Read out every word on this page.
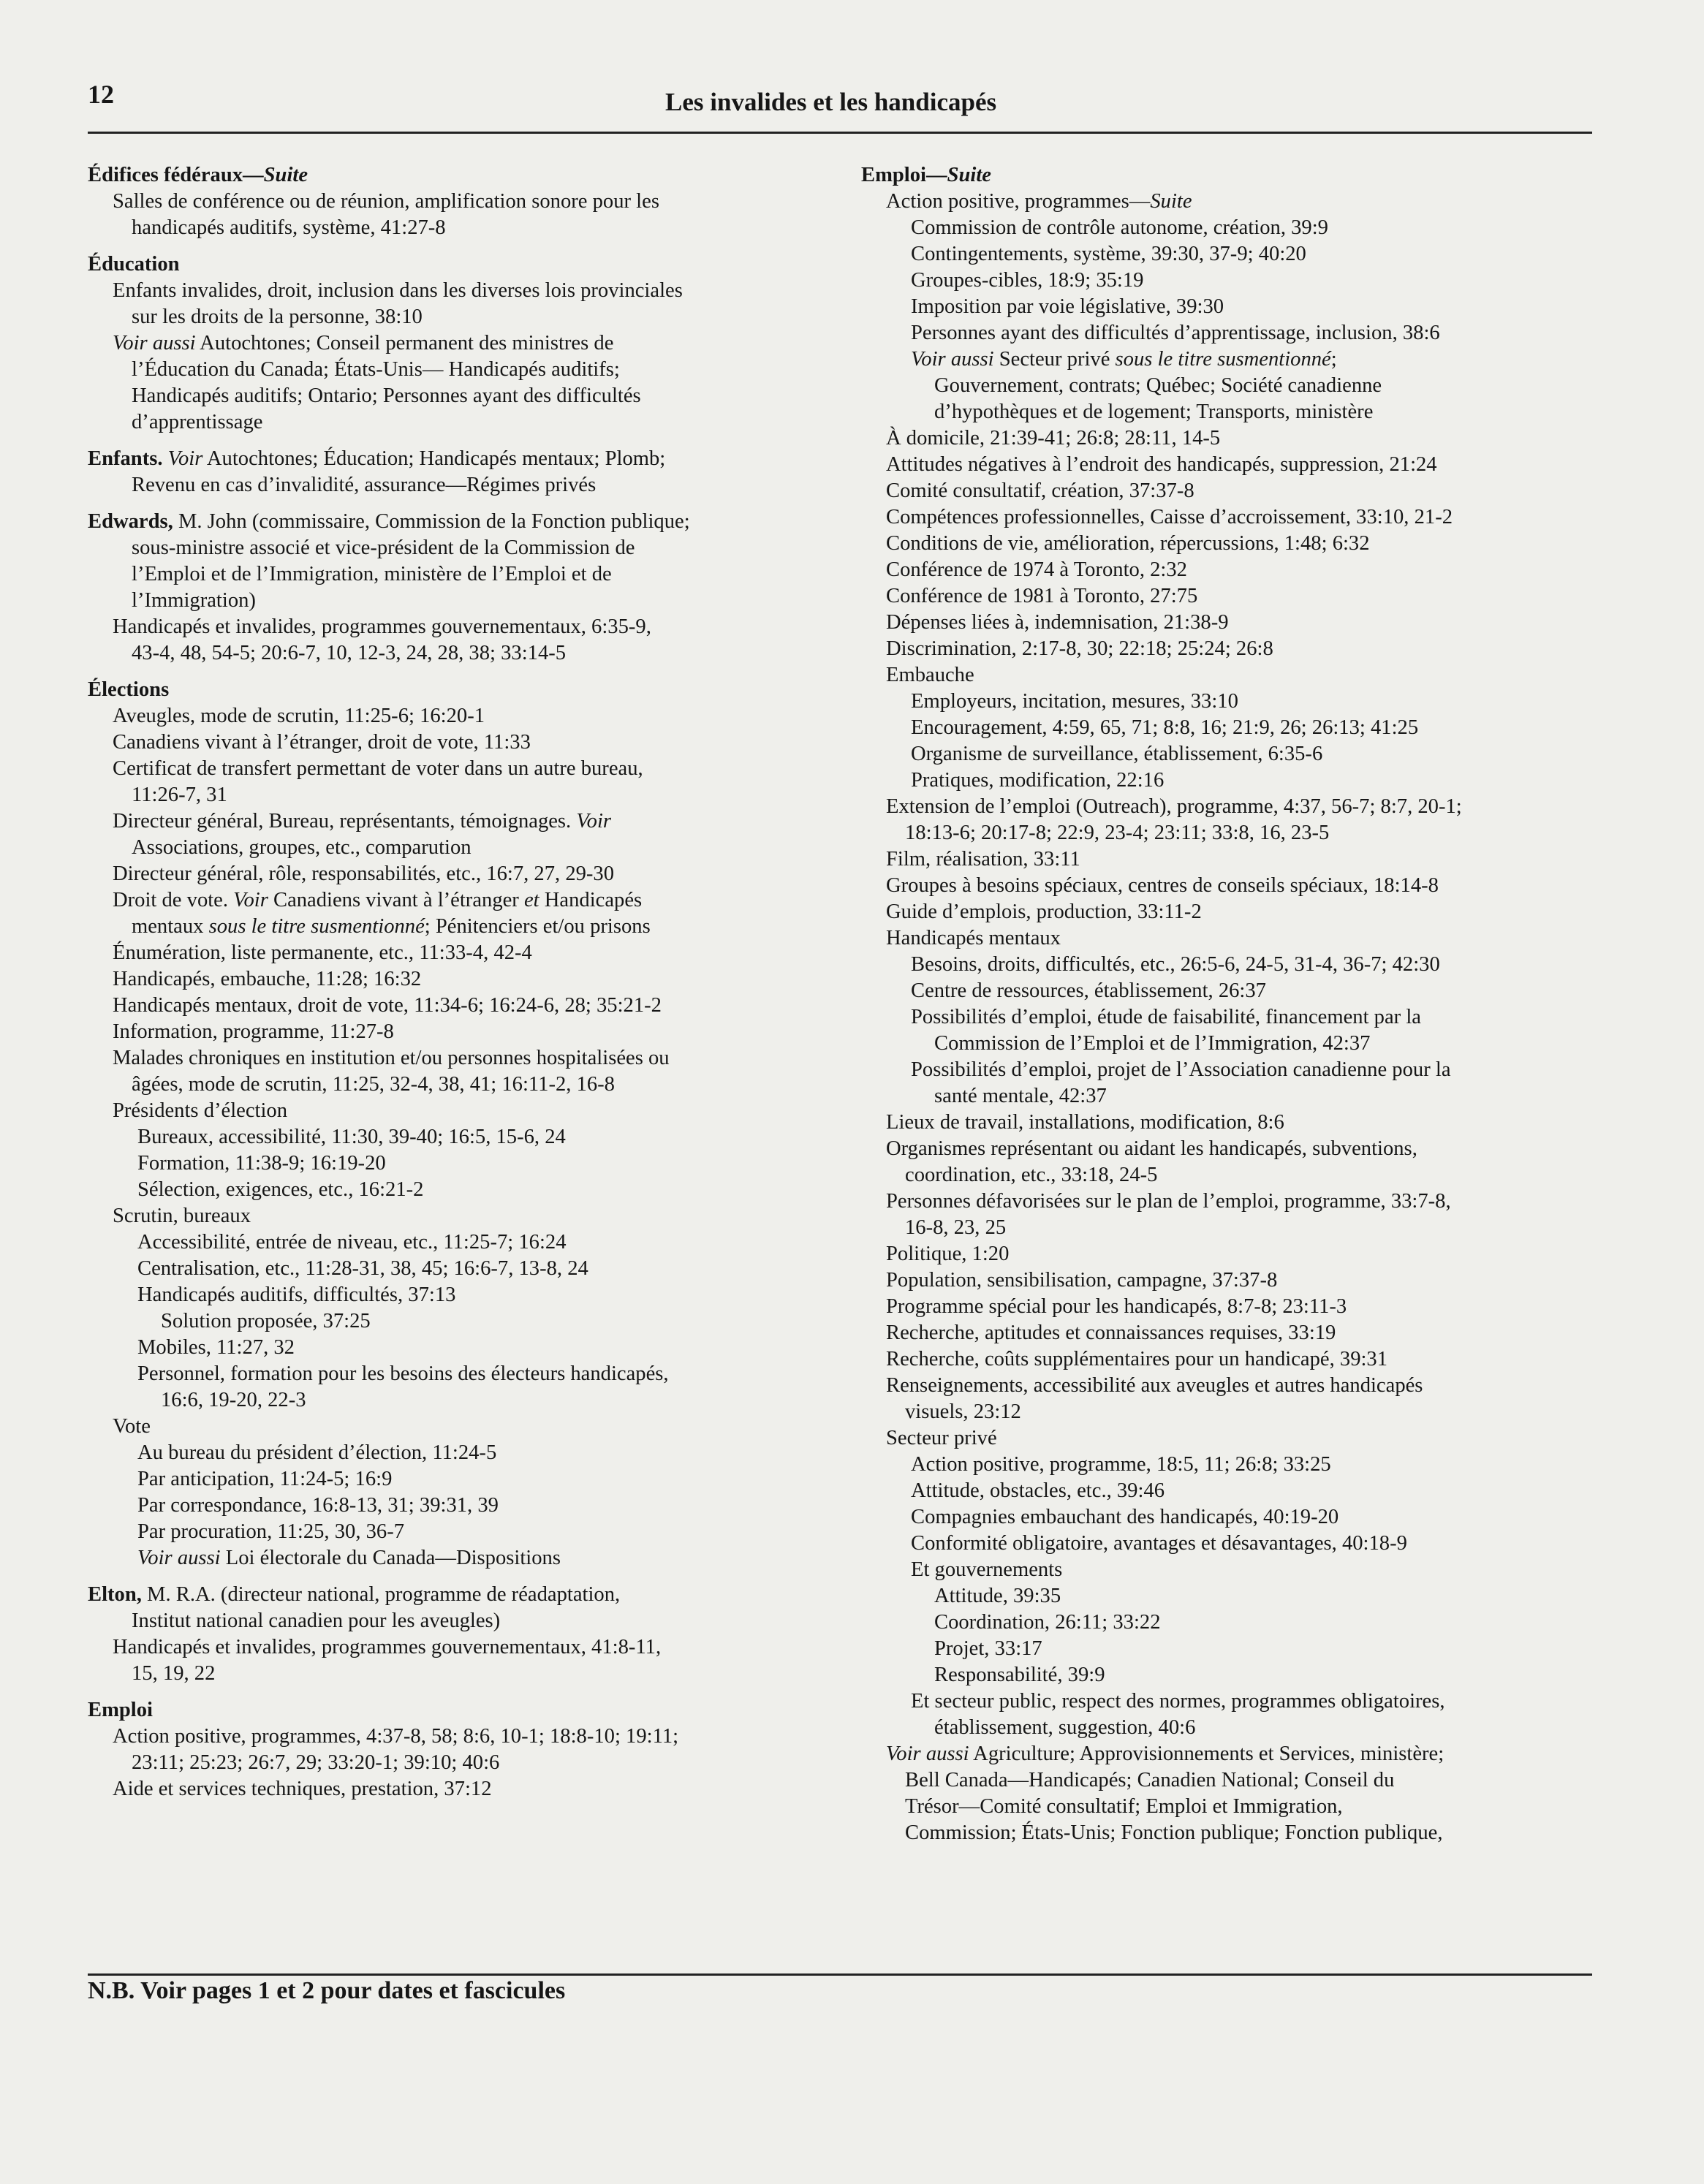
12	Les invalides et les handicapés
Édifices fédéraux—Suite
Salles de conférence ou de réunion, amplification sonore pour les
handicapés auditifs, système, 41:27-8
Éducation
Enfants invalides, droit, inclusion dans les diverses lois provinciales
sur les droits de la personne, 38:10
Voir aussi Autochtones; Conseil permanent des ministres de
l’Éducation du Canada; États-Unis— Handicapés auditifs;
Handicapés auditifs; Ontario; Personnes ayant des difficultés
d’apprentissage
Enfants. Voir Autochtones; Éducation; Handicapés mentaux; Plomb;
Revenu en cas d’invalidité, assurance—Régimes privés
Edwards, M. John (commissaire, Commission de la Fonction publique;
sous-ministre associé et vice-président de la Commission de
l’Emploi et de l’Immigration, ministère de l’Emploi et de
l’Immigration)
Handicapés et invalides, programmes gouvernementaux, 6:35-9,
43-4, 48, 54-5; 20:6-7, 10, 12-3, 24, 28, 38; 33:14-5
Élections
Aveugles, mode de scrutin, 11:25-6; 16:20-1
Canadiens vivant à l’étranger, droit de vote, 11:33
Certificat de transfert permettant de voter dans un autre bureau,
11:26-7, 31
Directeur général, Bureau, représentants, témoignages. Voir
Associations, groupes, etc., comparution
Directeur général, rôle, responsabilités, etc., 16:7, 27, 29-30
Droit de vote. Voir Canadiens vivant à l’étranger et Handicapés
mentaux sous le titre susmentionné; Pénitenciers et/ou prisons
Énumération, liste permanente, etc., 11:33-4, 42-4
Handicapés, embauche, 11:28; 16:32
Handicapés mentaux, droit de vote, 11:34-6; 16:24-6, 28; 35:21-2
Information, programme, 11:27-8
Malades chroniques en institution et/ou personnes hospitalisées ou
âgées, mode de scrutin, 11:25, 32-4, 38, 41; 16:11-2, 16-8
Présidents d’élection
Bureaux, accessibilité, 11:30, 39-40; 16:5, 15-6, 24
Formation, 11:38-9; 16:19-20
Sélection, exigences, etc., 16:21-2
Scrutin, bureaux
Accessibilité, entrée de niveau, etc., 11:25-7; 16:24
Centralisation, etc., 11:28-31, 38, 45; 16:6-7, 13-8, 24
Handicapés auditifs, difficultés, 37:13
Solution proposée, 37:25
Mobiles, 11:27, 32
Personnel, formation pour les besoins des électeurs handicapés,
16:6, 19-20, 22-3
Vote
Au bureau du président d’élection, 11:24-5
Par anticipation, 11:24-5; 16:9
Par correspondance, 16:8-13, 31; 39:31, 39
Par procuration, 11:25, 30, 36-7
Voir aussi Loi électorale du Canada—Dispositions
Elton, M. R.A. (directeur national, programme de réadaptation,
Institut national canadien pour les aveugles)
Handicapés et invalides, programmes gouvernementaux, 41:8-11,
15, 19, 22
Emploi
Action positive, programmes, 4:37-8, 58; 8:6, 10-1; 18:8-10; 19:11;
23:11; 25:23; 26:7, 29; 33:20-1; 39:10; 40:6
Aide et services techniques, prestation, 37:12
Emploi—Suite
Action positive, programmes—Suite
Commission de contrôle autonome, création, 39:9
Contingentements, système, 39:30, 37-9; 40:20
Groupes-cibles, 18:9; 35:19
Imposition par voie législative, 39:30
Personnes ayant des difficultés d’apprentissage, inclusion, 38:6
Voir aussi Secteur privé sous le titre susmentionné;
Gouvernement, contrats; Québec; Société canadienne
d’hypothèques et de logement; Transports, ministère
À domicile, 21:39-41; 26:8; 28:11, 14-5
Attitudes négatives à l’endroit des handicapés, suppression, 21:24
Comité consultatif, création, 37:37-8
Compétences professionnelles, Caisse d’accroissement, 33:10, 21-2
Conditions de vie, amélioration, répercussions, 1:48; 6:32
Conférence de 1974 à Toronto, 2:32
Conférence de 1981 à Toronto, 27:75
Dépenses liées à, indemnisation, 21:38-9
Discrimination, 2:17-8, 30; 22:18; 25:24; 26:8
Embauche
Employeurs, incitation, mesures, 33:10
Encouragement, 4:59, 65, 71; 8:8, 16; 21:9, 26; 26:13; 41:25
Organisme de surveillance, établissement, 6:35-6
Pratiques, modification, 22:16
Extension de l’emploi (Outreach), programme, 4:37, 56-7; 8:7, 20-1;
18:13-6; 20:17-8; 22:9, 23-4; 23:11; 33:8, 16, 23-5
Film, réalisation, 33:11
Groupes à besoins spéciaux, centres de conseils spéciaux, 18:14-8
Guide d’emplois, production, 33:11-2
Handicapés mentaux
Besoins, droits, difficultés, etc., 26:5-6, 24-5, 31-4, 36-7; 42:30
Centre de ressources, établissement, 26:37
Possibilités d’emploi, étude de faisabilité, financement par la
Commission de l’Emploi et de l’Immigration, 42:37
Possibilités d’emploi, projet de l’Association canadienne pour la
santé mentale, 42:37
Lieux de travail, installations, modification, 8:6
Organismes représentant ou aidant les handicapés, subventions,
coordination, etc., 33:18, 24-5
Personnes défavorisées sur le plan de l’emploi, programme, 33:7-8,
16-8, 23, 25
Politique, 1:20
Population, sensibilisation, campagne, 37:37-8
Programme spécial pour les handicapés, 8:7-8; 23:11-3
Recherche, aptitudes et connaissances requises, 33:19
Recherche, coûts supplémentaires pour un handicapé, 39:31
Renseignements, accessibilité aux aveugles et autres handicapés
visuels, 23:12
Secteur privé
Action positive, programme, 18:5, 11; 26:8; 33:25
Attitude, obstacles, etc., 39:46
Compagnies embauchant des handicapés, 40:19-20
Conformité obligatoire, avantages et désavantages, 40:18-9
Et gouvernements
Attitude, 39:35
Coordination, 26:11; 33:22
Projet, 33:17
Responsabilité, 39:9
Et secteur public, respect des normes, programmes obligatoires,
établissement, suggestion, 40:6
Voir aussi Agriculture; Approvisionnements et Services, ministère;
Bell Canada—Handicapés; Canadien National; Conseil du
Trésor—Comité consultatif; Emploi et Immigration,
Commission; États-Unis; Fonction publique; Fonction publique,
N.B. Voir pages 1 et 2 pour dates et fascicules
